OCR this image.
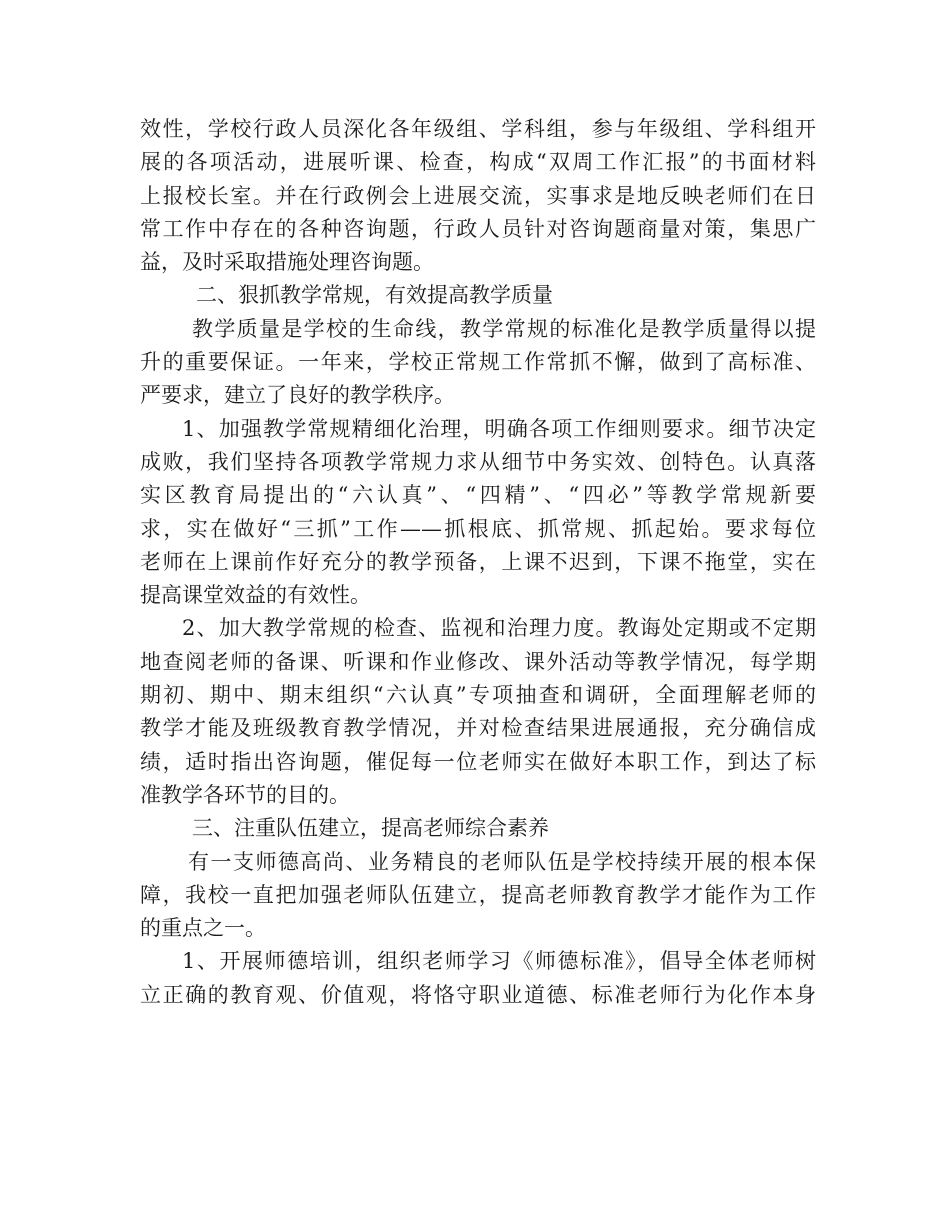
效性，学校行政人员深化各年级组、学科组，参与年级组、学科组开
展的各项活动，进展听课、检查，构成“双周工作汇报”的书面材料
上报校长室。并在行政例会上进展交流，实事求是地反映老师们在日
常工作中存在的各种咨询题，行政人员针对咨询题商量对策，集思广
益，及时采取措施处理咨询题。
二、狠抓教学常规，有效提高教学质量
教学质量是学校的生命线，教学常规的标准化是教学质量得以提
升的重要保证。一年来，学校正常规工作常抓不懈，做到了高标准、
严要求，建立了良好的教学秩序。
1、加强教学常规精细化治理，明确各项工作细则要求。细节决定
成败，我们坚持各项教学常规力求从细节中务实效、创特色。认真落
实区教育局提出的“六认真”、“四精”、“四必”等教学常规新要
求，实在做好“三抓”工作——抓根底、抓常规、抓起始。要求每位
老师在上课前作好充分的教学预备，上课不迟到，下课不拖堂，实在
提高课堂效益的有效性。
2、加大教学常规的检查、监视和治理力度。教诲处定期或不定期
地查阅老师的备课、听课和作业修改、课外活动等教学情况，每学期
期初、期中、期末组织“六认真”专项抽查和调研，全面理解老师的
教学才能及班级教育教学情况，并对检查结果进展通报，充分确信成
绩，适时指出咨询题，催促每一位老师实在做好本职工作，到达了标
准教学各环节的目的。
三、注重队伍建立，提高老师综合素养
有一支师德高尚、业务精良的老师队伍是学校持续开展的根本保
障，我校一直把加强老师队伍建立，提高老师教育教学才能作为工作
的重点之一。
1、开展师德培训，组织老师学习《师德标准》，倡导全体老师树
立正确的教育观、价值观，将恪守职业道德、标准老师行为化作本身
